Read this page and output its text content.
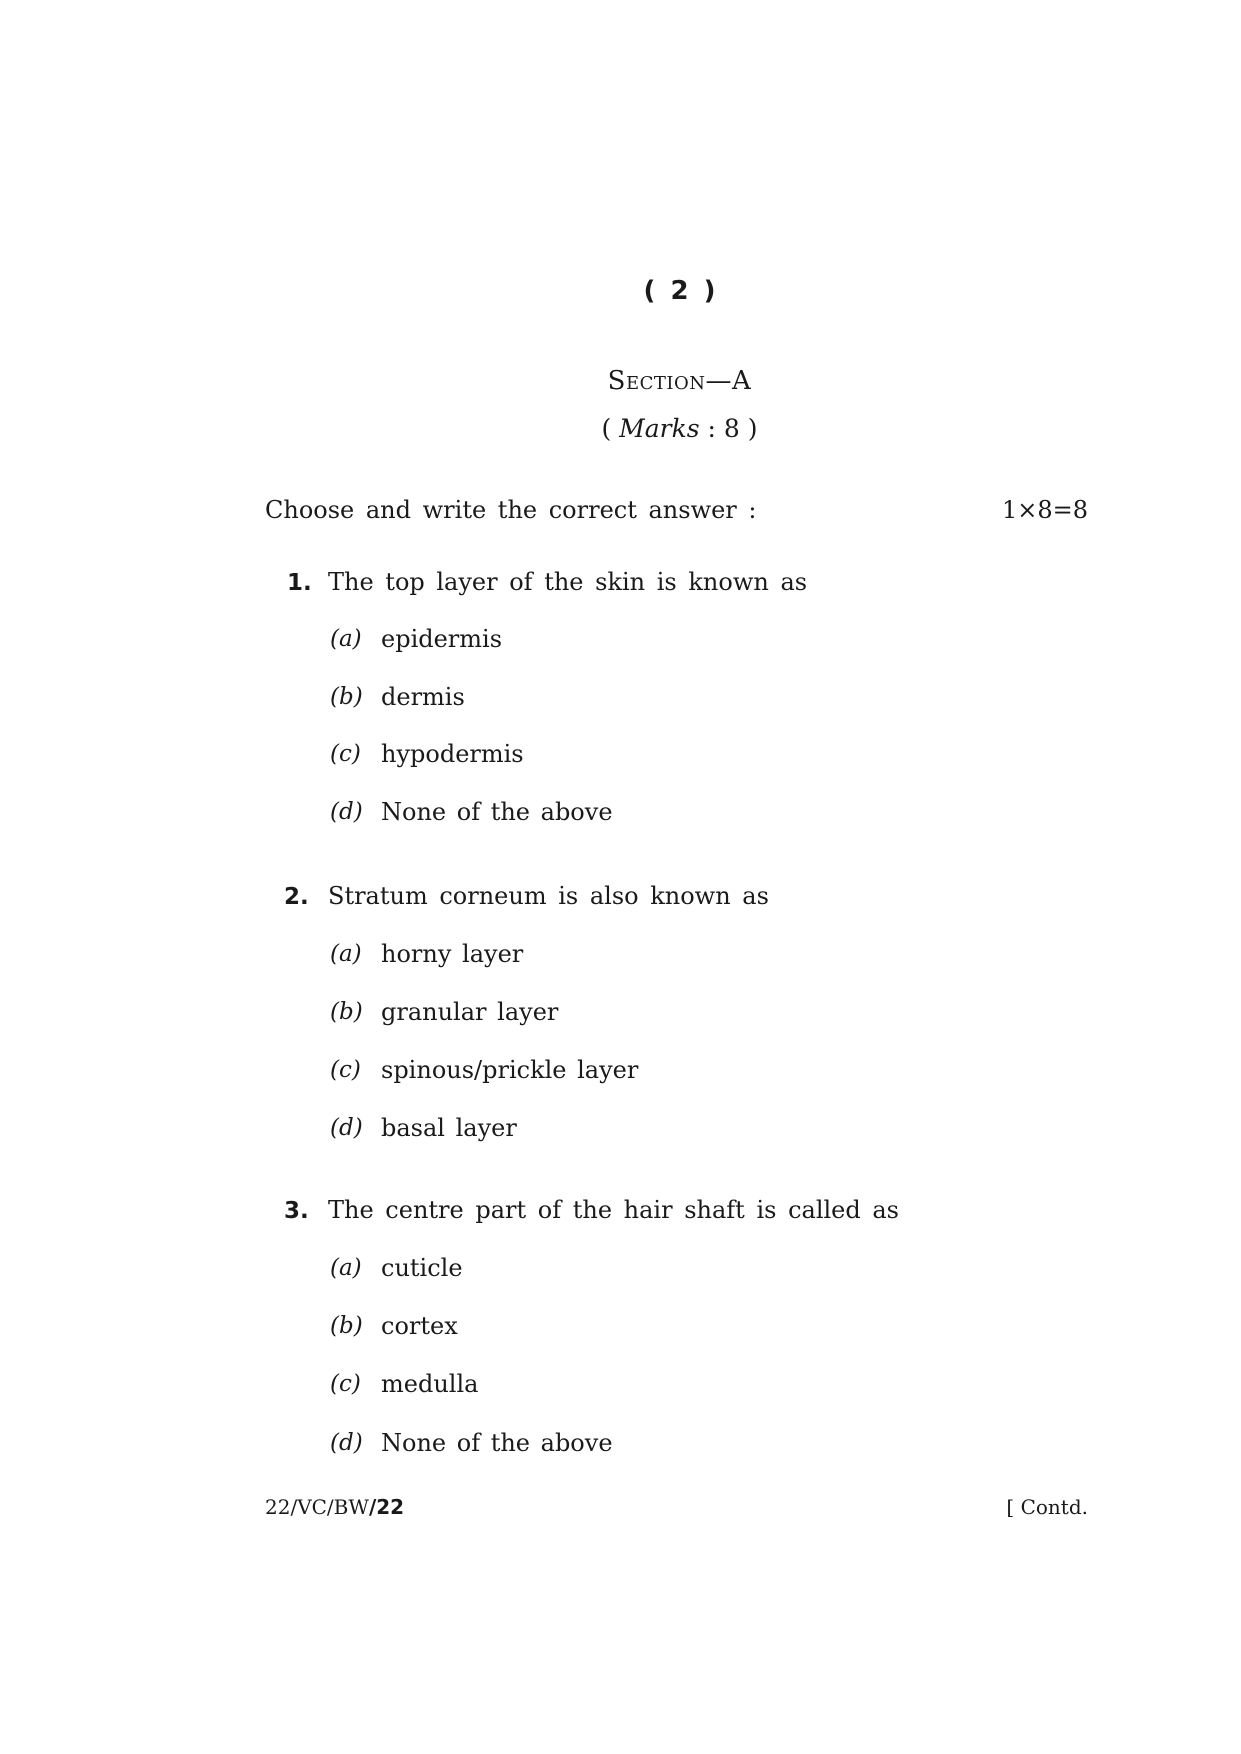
( 2 )
Section—A
( Marks : 8 )
Choose and write the correct answer :	1×8=8
1. The top layer of the skin is known as
(a) epidermis
(b) dermis
(c) hypodermis
(d) None of the above
2. Stratum corneum is also known as
(a) horny layer
(b) granular layer
(c) spinous/prickle layer
(d) basal layer
3. The centre part of the hair shaft is called as
(a) cuticle
(b) cortex
(c) medulla
(d) None of the above
22/VC/BW/22	[ Contd.
